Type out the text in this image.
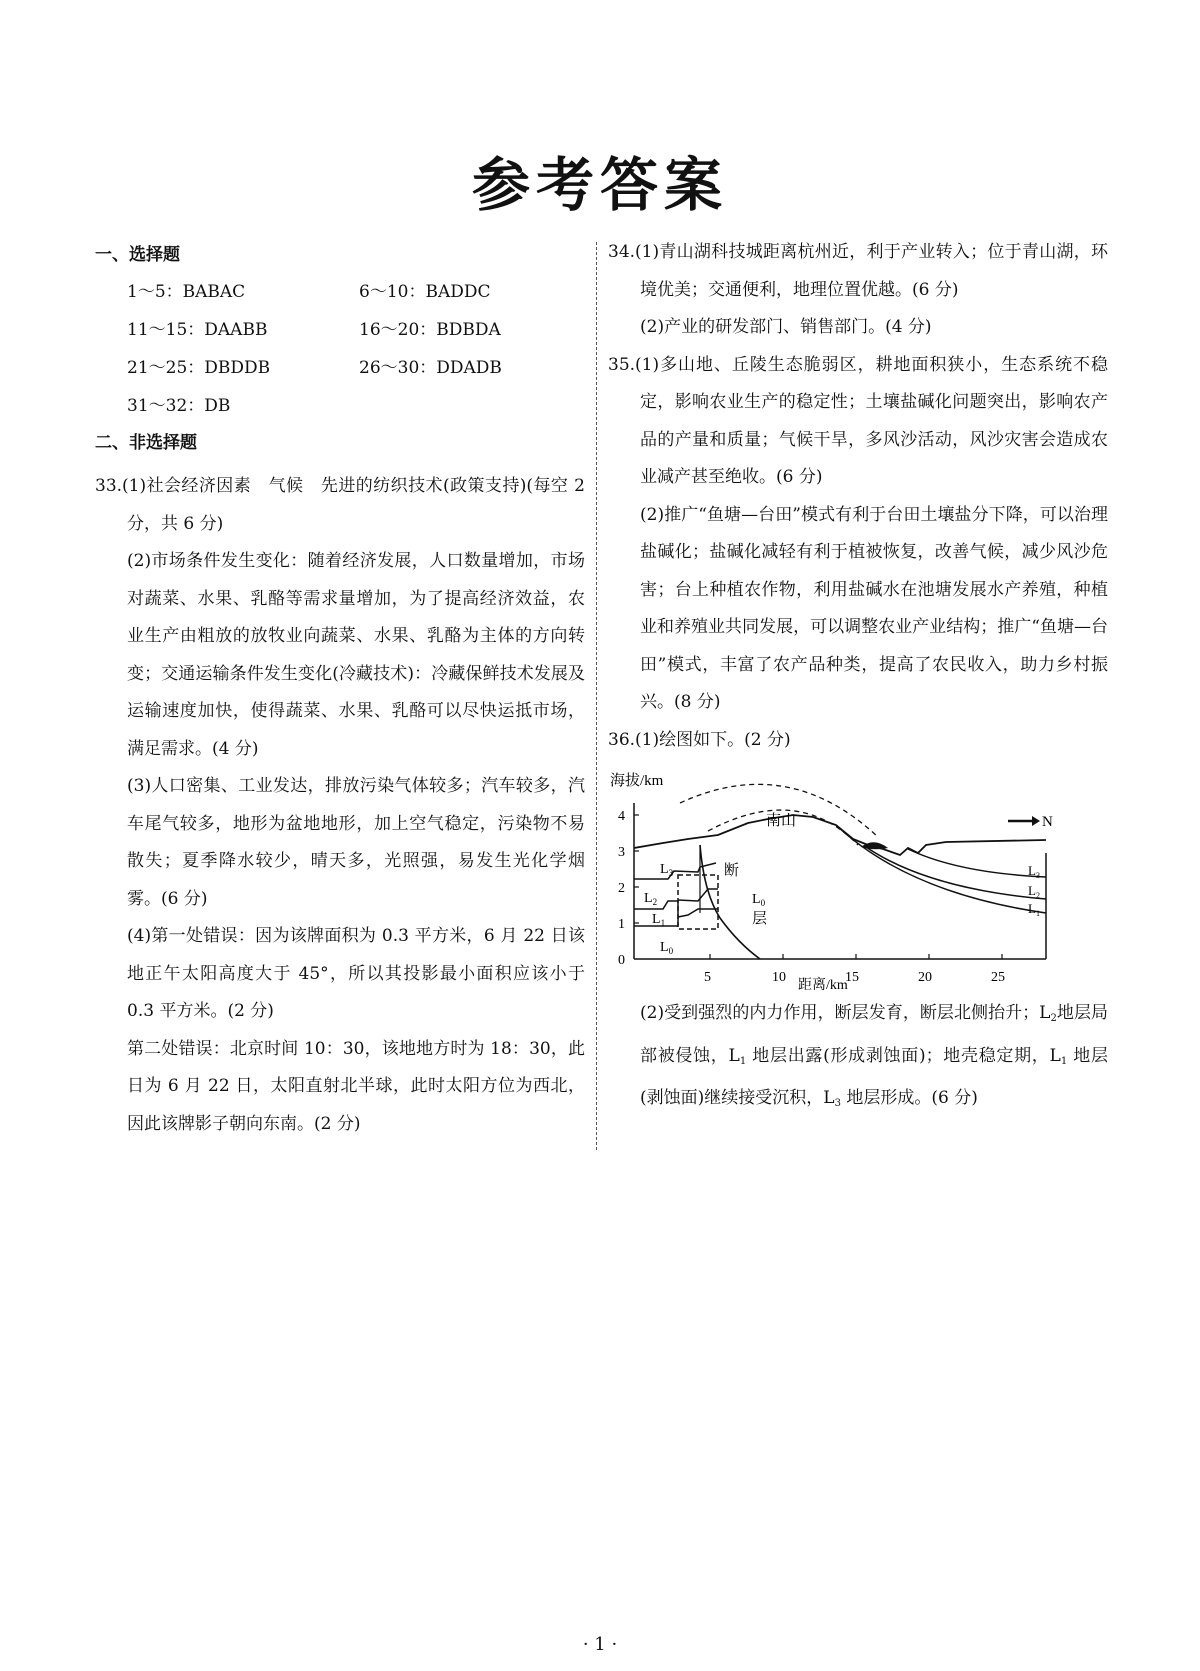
参考答案
一、选择题
1～5：BABAC	6～10：BADDC
11～15：DAABB	16～20：BDBDA
21～25：DBDDB	26～30：DDADB
31～32：DB
二、非选择题

33.(1)社会经济因素　气候　先进的纺织技术(政策支持)(每空 2 分，共 6 分)

(2)市场条件发生变化：随着经济发展，人口数量增加，市场对蔬菜、水果、乳酪等需求量增加，为了提高经济效益，农业生产由粗放的放牧业向蔬菜、水果、乳酪为主体的方向转变；交通运输条件发生变化(冷藏技术)：冷藏保鲜技术发展及运输速度加快，使得蔬菜、水果、乳酪可以尽快运抵市场，满足需求。(4 分)

(3)人口密集、工业发达，排放污染气体较多；汽车较多，汽车尾气较多，地形为盆地地形，加上空气稳定，污染物不易散失；夏季降水较少，晴天多，光照强，易发生光化学烟雾。(6 分)

(4)第一处错误：因为该牌面积为 0.3 平方米，6 月 22 日该地正午太阳高度大于 45°，所以其投影最小面积应该小于 0.3 平方米。(2 分)

第二处错误：北京时间 10：30，该地地方时为 18：30，此日为 6 月 22 日，太阳直射北半球，此时太阳方位为西北，因此该牌影子朝向东南。(2 分)

34.(1)青山湖科技城距离杭州近，利于产业转入；位于青山湖，环境优美；交通便利，地理位置优越。(6 分)

(2)产业的研发部门、销售部门。(4 分)

35.(1)多山地、丘陵生态脆弱区，耕地面积狭小，生态系统不稳定，影响农业生产的稳定性；土壤盐碱化问题突出，影响农产品的产量和质量；气候干旱，多风沙活动，风沙灾害会造成农业减产甚至绝收。(6 分)

(2)推广“鱼塘—台田”模式有利于台田土壤盐分下降，可以治理盐碱化；盐碱化减轻有利于植被恢复，改善气候，减少风沙危害；台上种植农作物，利用盐碱水在池塘发展水产养殖，种植业和养殖业共同发展，可以调整农业产业结构；推广“鱼塘—台田”模式，丰富了农产品种类，提高了农民收入，助力乡村振兴。(8 分)

36.(1)绘图如下。(2 分)

海拔/km
4
3
2
1
0
5	10	15	20	25
距离/km
南山
断
层
$L_0$
$L_0$
$L_1$
$L_2$
$L_3$	$L_3$
$L_2$
$L_1$
N

(2)受到强烈的内力作用，断层发育，断层北侧抬升；$L_2$地层局部被侵蚀，$L_1$ 地层出露(形成剥蚀面)；地壳稳定期，$L_1$ 地层(剥蚀面)继续接受沉积，$L_3$ 地层形成。(6 分)

· 1 ·
